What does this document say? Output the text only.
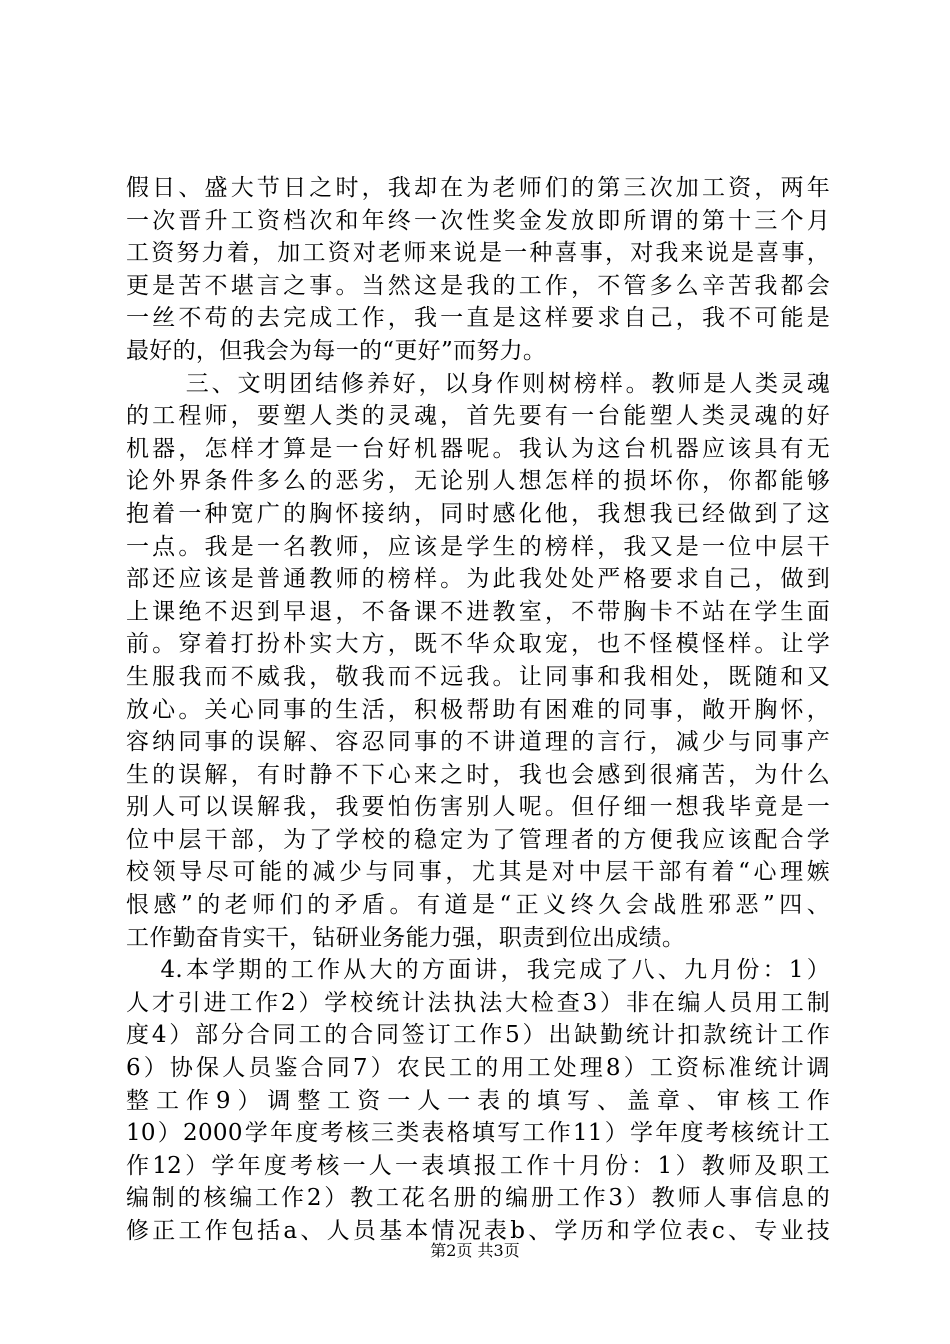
假日、盛大节日之时，我却在为老师们的第三次加工资，两年
一次晋升工资档次和年终一次性奖金发放即所谓的第十三个月
工资努力着，加工资对老师来说是一种喜事，对我来说是喜事，
更是苦不堪言之事。当然这是我的工作，不管多么辛苦我都会
一丝不苟的去完成工作，我一直是这样要求自己，我不可能是
最好的，但我会为每一的“更好”而努力。
三、文明团结修养好，以身作则树榜样。教师是人类灵魂
的工程师，要塑人类的灵魂，首先要有一台能塑人类灵魂的好
机器，怎样才算是一台好机器呢。我认为这台机器应该具有无
论外界条件多么的恶劣，无论别人想怎样的损坏你，你都能够
抱着一种宽广的胸怀接纳，同时感化他，我想我已经做到了这
一点。我是一名教师，应该是学生的榜样，我又是一位中层干
部还应该是普通教师的榜样。为此我处处严格要求自己，做到
上课绝不迟到早退，不备课不进教室，不带胸卡不站在学生面
前。穿着打扮朴实大方，既不华众取宠，也不怪模怪样。让学
生服我而不威我，敬我而不远我。让同事和我相处，既随和又
放心。关心同事的生活，积极帮助有困难的同事，敞开胸怀，
容纳同事的误解、容忍同事的不讲道理的言行，减少与同事产
生的误解，有时静不下心来之时，我也会感到很痛苦，为什么
别人可以误解我，我要怕伤害别人呢。但仔细一想我毕竟是一
位中层干部，为了学校的稳定为了管理者的方便我应该配合学
校领导尽可能的减少与同事，尤其是对中层干部有着“心理嫉
恨感”的老师们的矛盾。有道是“正义终久会战胜邪恶”四、
工作勤奋肯实干，钻研业务能力强，职责到位出成绩。
4.本学期的工作从大的方面讲，我完成了八、九月份：1）
人才引进工作2）学校统计法执法大检查3）非在编人员用工制
度4）部分合同工的合同签订工作5）出缺勤统计扣款统计工作
6）协保人员鉴合同7）农民工的用工处理8）工资标准统计调
整工作9）调整工资一人一表的填写、盖章、审核工作
10）2000学年度考核三类表格填写工作11）学年度考核统计工
作12）学年度考核一人一表填报工作十月份：1）教师及职工
编制的核编工作2）教工花名册的编册工作3）教师人事信息的
修正工作包括a、人员基本情况表b、学历和学位表c、专业技
第2页 共3页
